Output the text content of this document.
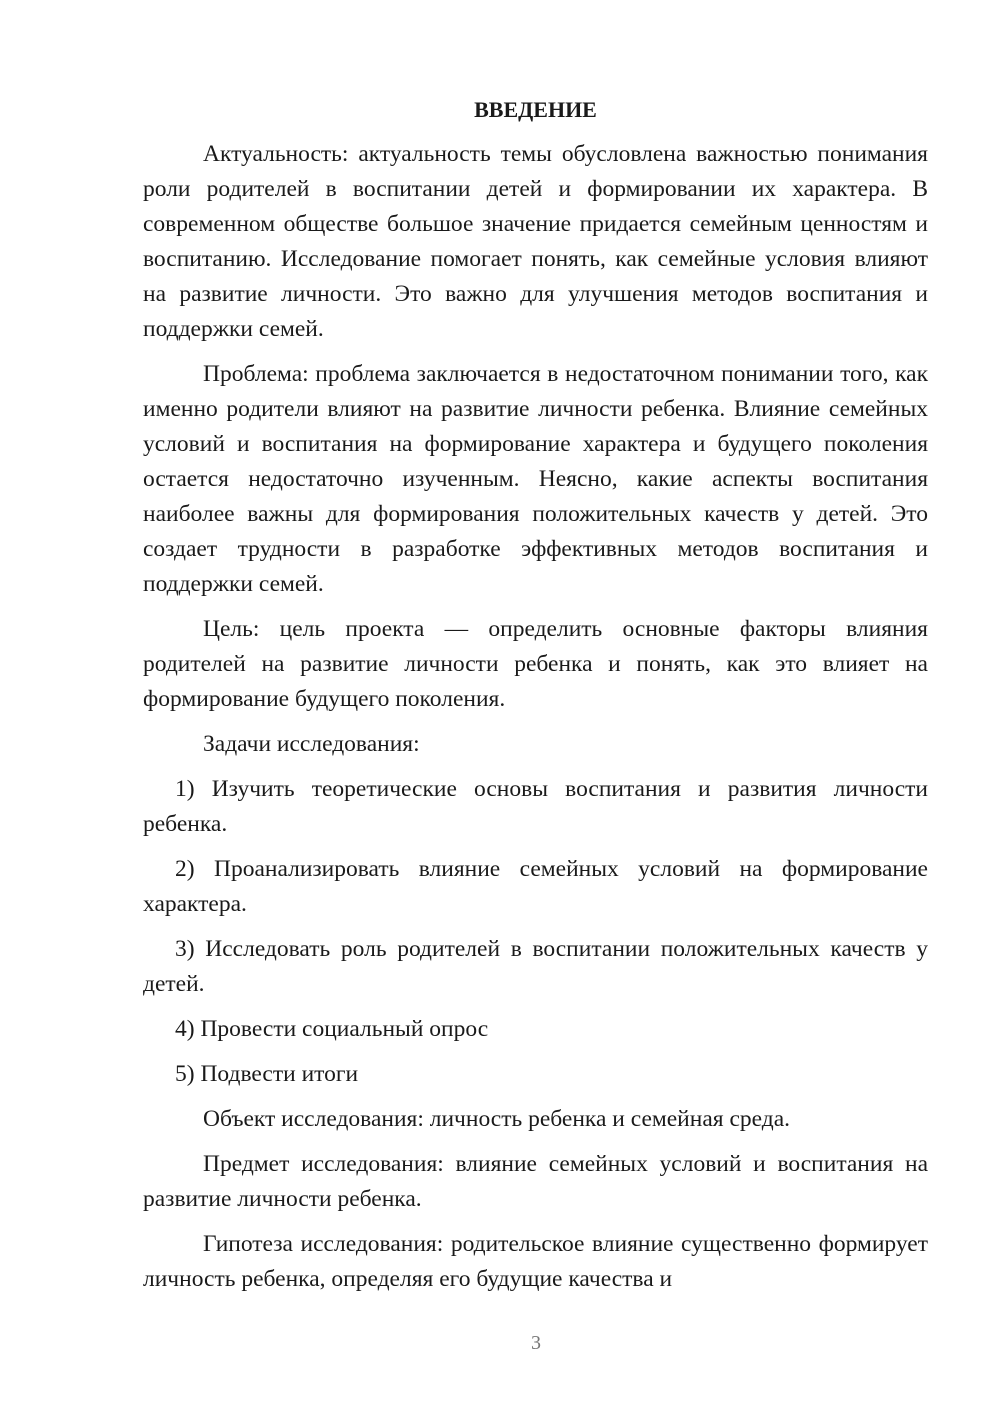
ВВЕДЕНИЕ

Актуальность: актуальность темы обусловлена важностью понимания роли родителей в воспитании детей и формировании их характера. В современном обществе большое значение придается семейным ценностям и воспитанию. Исследование помогает понять, как семейные условия влияют на развитие личности. Это важно для улучшения методов воспитания и поддержки семей.

Проблема: проблема заключается в недостаточном понимании того, как именно родители влияют на развитие личности ребенка. Влияние семейных условий и воспитания на формирование характера и будущего поколения остается недостаточно изученным. Неясно, какие аспекты воспитания наиболее важны для формирования положительных качеств у детей. Это создает трудности в разработке эффективных методов воспитания и поддержки семей.

Цель: цель проекта — определить основные факторы влияния родителей на развитие личности ребенка и понять, как это влияет на формирование будущего поколения.

Задачи исследования:

1) Изучить теоретические основы воспитания и развития личности ребенка.

2) Проанализировать влияние семейных условий на формирование характера.

3) Исследовать роль родителей в воспитании положительных качеств у детей.

4) Провести социальный опрос

5) Подвести итоги

Объект исследования: личность ребенка и семейная среда.

Предмет исследования: влияние семейных условий и воспитания на развитие личности ребенка.

Гипотеза исследования: родительское влияние существенно формирует личность ребенка, определяя его будущие качества и

3
